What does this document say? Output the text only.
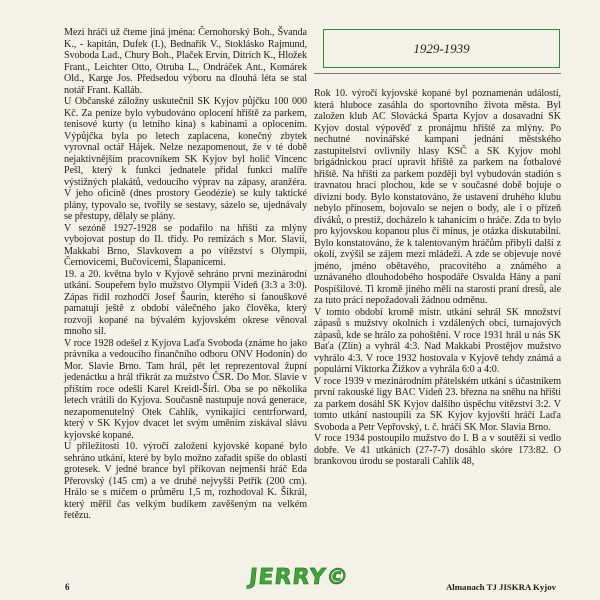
Mezi hráči už čteme jiná jména: Černohorský Boh., Švanda K., - kapitán, Dufek (I.), Bednařík V., Stoklásko Rajmund, Svoboda Lad., Chury Boh., Plaček Ervín, Ditrich K., Hložek Frant., Leichter Otto, Otruba L., Ondráček Ant., Komárek Old., Karge Jos. Předsedou výboru na dlouhá léta se stal notář Frant. Kalláb.

U Občanské záložny uskutečnil SK Kyjov půjčku 100 000 Kč. Za peníze bylo vybudováno oplocení hřiště za parkem, tenisové kurty (u letního kina) s kabinami a oplocením. Výpůjčka byla po letech zaplacena, konečný zbytek vyrovnal octář Hájek. Nelze nezapomenout, že v té době nejaktivnějším pracovníkem SK Kyjov byl holič Vincenc Pešl, který k funkci jednatele přidal funkci malíře výstižných plakátů, vedoucího výprav na zápasy, aranžéra. V jeho oficíně (dnes prostory Geodézie) se kuly taktické plány, typovalo se, tvořily se sestavy, sázelo se, ujednávaly se přestupy, dělaly se plány.

V sezóně 1927-1928 se podařilo na hřišti za mlýny vybojovat postup do II. třídy. Po remízách s Mor. Slavií, Makkabi Brno, Slavkovem a po vítězství s Olympií, Černovicemi, Bučovicemi, Šlapanicemi.

19. a 20. května bylo v Kyjově sehráno první mezinárodní utkání. Soupeřem bylo mužstvo Olympii Vídeň (3:3 a 3:0). Zápas řídil rozhodčí Josef Šaurin, kterého si fanouškové pamatují ještě z období válečného jako člověka, který rozvoji kopané na bývalém kyjovském okrese věnoval mnoho sil.

V roce 1928 odešel z Kyjova Laďa Svoboda (známe ho jako právníka a vedoucího finančního odboru ONV Hodonín) do Mor. Slavie Brno. Tam hrál, pět let reprezentoval župní jedenáctku a hrál třikrát za mužstvo ČSR. Do Mor. Slavie v příštím roce odešli Karel Kreidl-Šírl. Oba se po několika letech vrátili do Kyjova. Současně nastupuje nová generace, nezapomenutelný Otek Cahlík, vynikající centrforward, který v SK Kyjov dvacet let svým uměním získával slávu kyjovské kopané.

U příležitosti 10. výročí založení kyjovské kopané bylo sehráno utkání, které by bylo možno zařadit spíše do oblasti grotesek. V jedné brance byl příkovan nejmenší hráč Eda Přerovský (145 cm) a ve druhé nejvyšší Petřík (200 cm). Hrálo se s míčem o průměru 1,5 m, rozhodoval K. Šikrál, který měřil čas velkým budíkem zavěšeným na velkém řetězu.

1929-1939

Rok 10. výročí kyjovské kopané byl poznamenán událostí, která hluboce zasáhla do sportovního života města. Byl založen klub AC Slovácká Sparta Kyjov a dosavadní SK Kyjov dostal výpověď z pronájmu hřiště za mlýny. Po nechutné novinářské kampani jednání městského zastupitelstvi ovlivnily hlasy KSČ a SK Kyjov mohl brigádnickou prací upravit hřiště za parkem na fotbalové hřiště. Na hřišti za parkem později byl vybudován stadión s travnatou hrací plochou, kde se v současné době bojuje o divizní body. Bylo konstatováno, že ustavení druhého klubu nebylo přínosem, bojovalo se nejen o body, ale i o přízeň diváků, o prestiž, docházelo k tahanicím o hráče. Zda to bylo pro kyjovskou kopanou plus či mínus, je otázka diskutabilní. Bylo konstatováno, že k talentovaným hráčům přibyli další z okolí, zvýšil se zájem mezi mládeží. A zde se objevuje nové jméno, jméno obětavého, pracovitého a známého a uznávaného dlouhodobého hospodáře Osvalda Hány a paní Pospíšilové. Ti kromě jiného měli na starosti praní dresů, ale za tuto práci nepožadovali žádnou odměnu.

V tomto období kromě mistr. utkání sehrál SK množství zápasů s mužstvy okolních i vzdálených obcí, turnajových zápasů, kde se hrálo za pohoštění. V roce 1931 hrál u nás SK Baťa (Zlín) a vyhrál 4:3. Nad Makkabi Prostějov mužstvo vyhrálo 4:3. V roce 1932 hostovala v Kyjově tehdy známá a populární Viktorka Žižkov a vyhrála 6:0 a 4:0.

V roce 1939 v mezinárodním přátelském utkání s účastníkem první rakouské ligy BAC Vídeň 23. března na sněhu na hřišti za parkem dosáhl SK Kyjov dalšího úspěchu vítězství 3:2. V tomto utkání nastoupili za SK Kyjov kyjovští hráči Laďa Svoboda a Petr Vepřovský, t. č. hráči SK Mor. Slavia Brno.

V roce 1934 postoupilo mužstvo do I. B a v soutěži si vedlo dobře. Ve 41 utkáních (27-7-7) dosáhlo skóre 173:82. O brankovou úrodu se postarali Cahlík 48,

6	JERRY©	Almanach TJ JISKRA Kyjov
